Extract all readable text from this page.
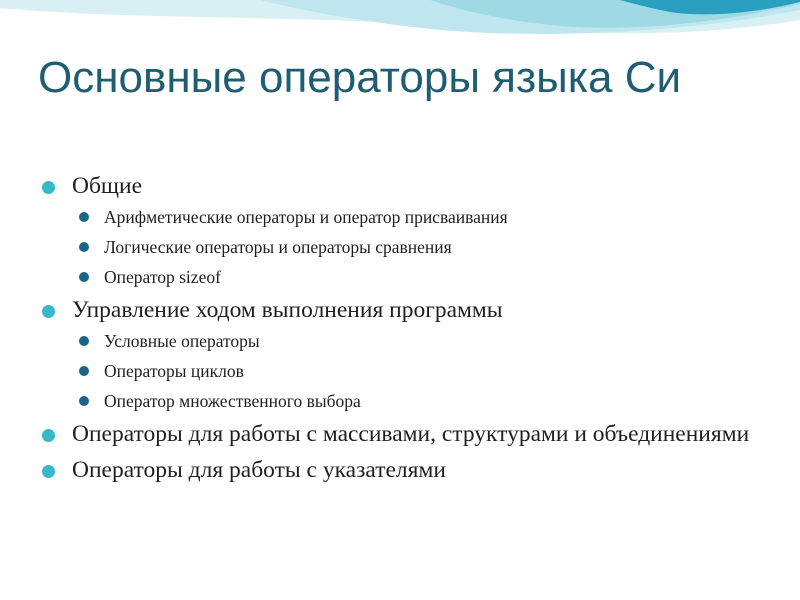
Основные операторы языка Си

Общие

Арифметические операторы и оператор присваивания

Логические операторы и операторы сравнения

Оператор sizeof

Управление ходом выполнения программы

Условные операторы

Операторы циклов

Оператор множественного выбора

Операторы для работы с массивами, структурами и объединениями

Операторы для работы с указателями
